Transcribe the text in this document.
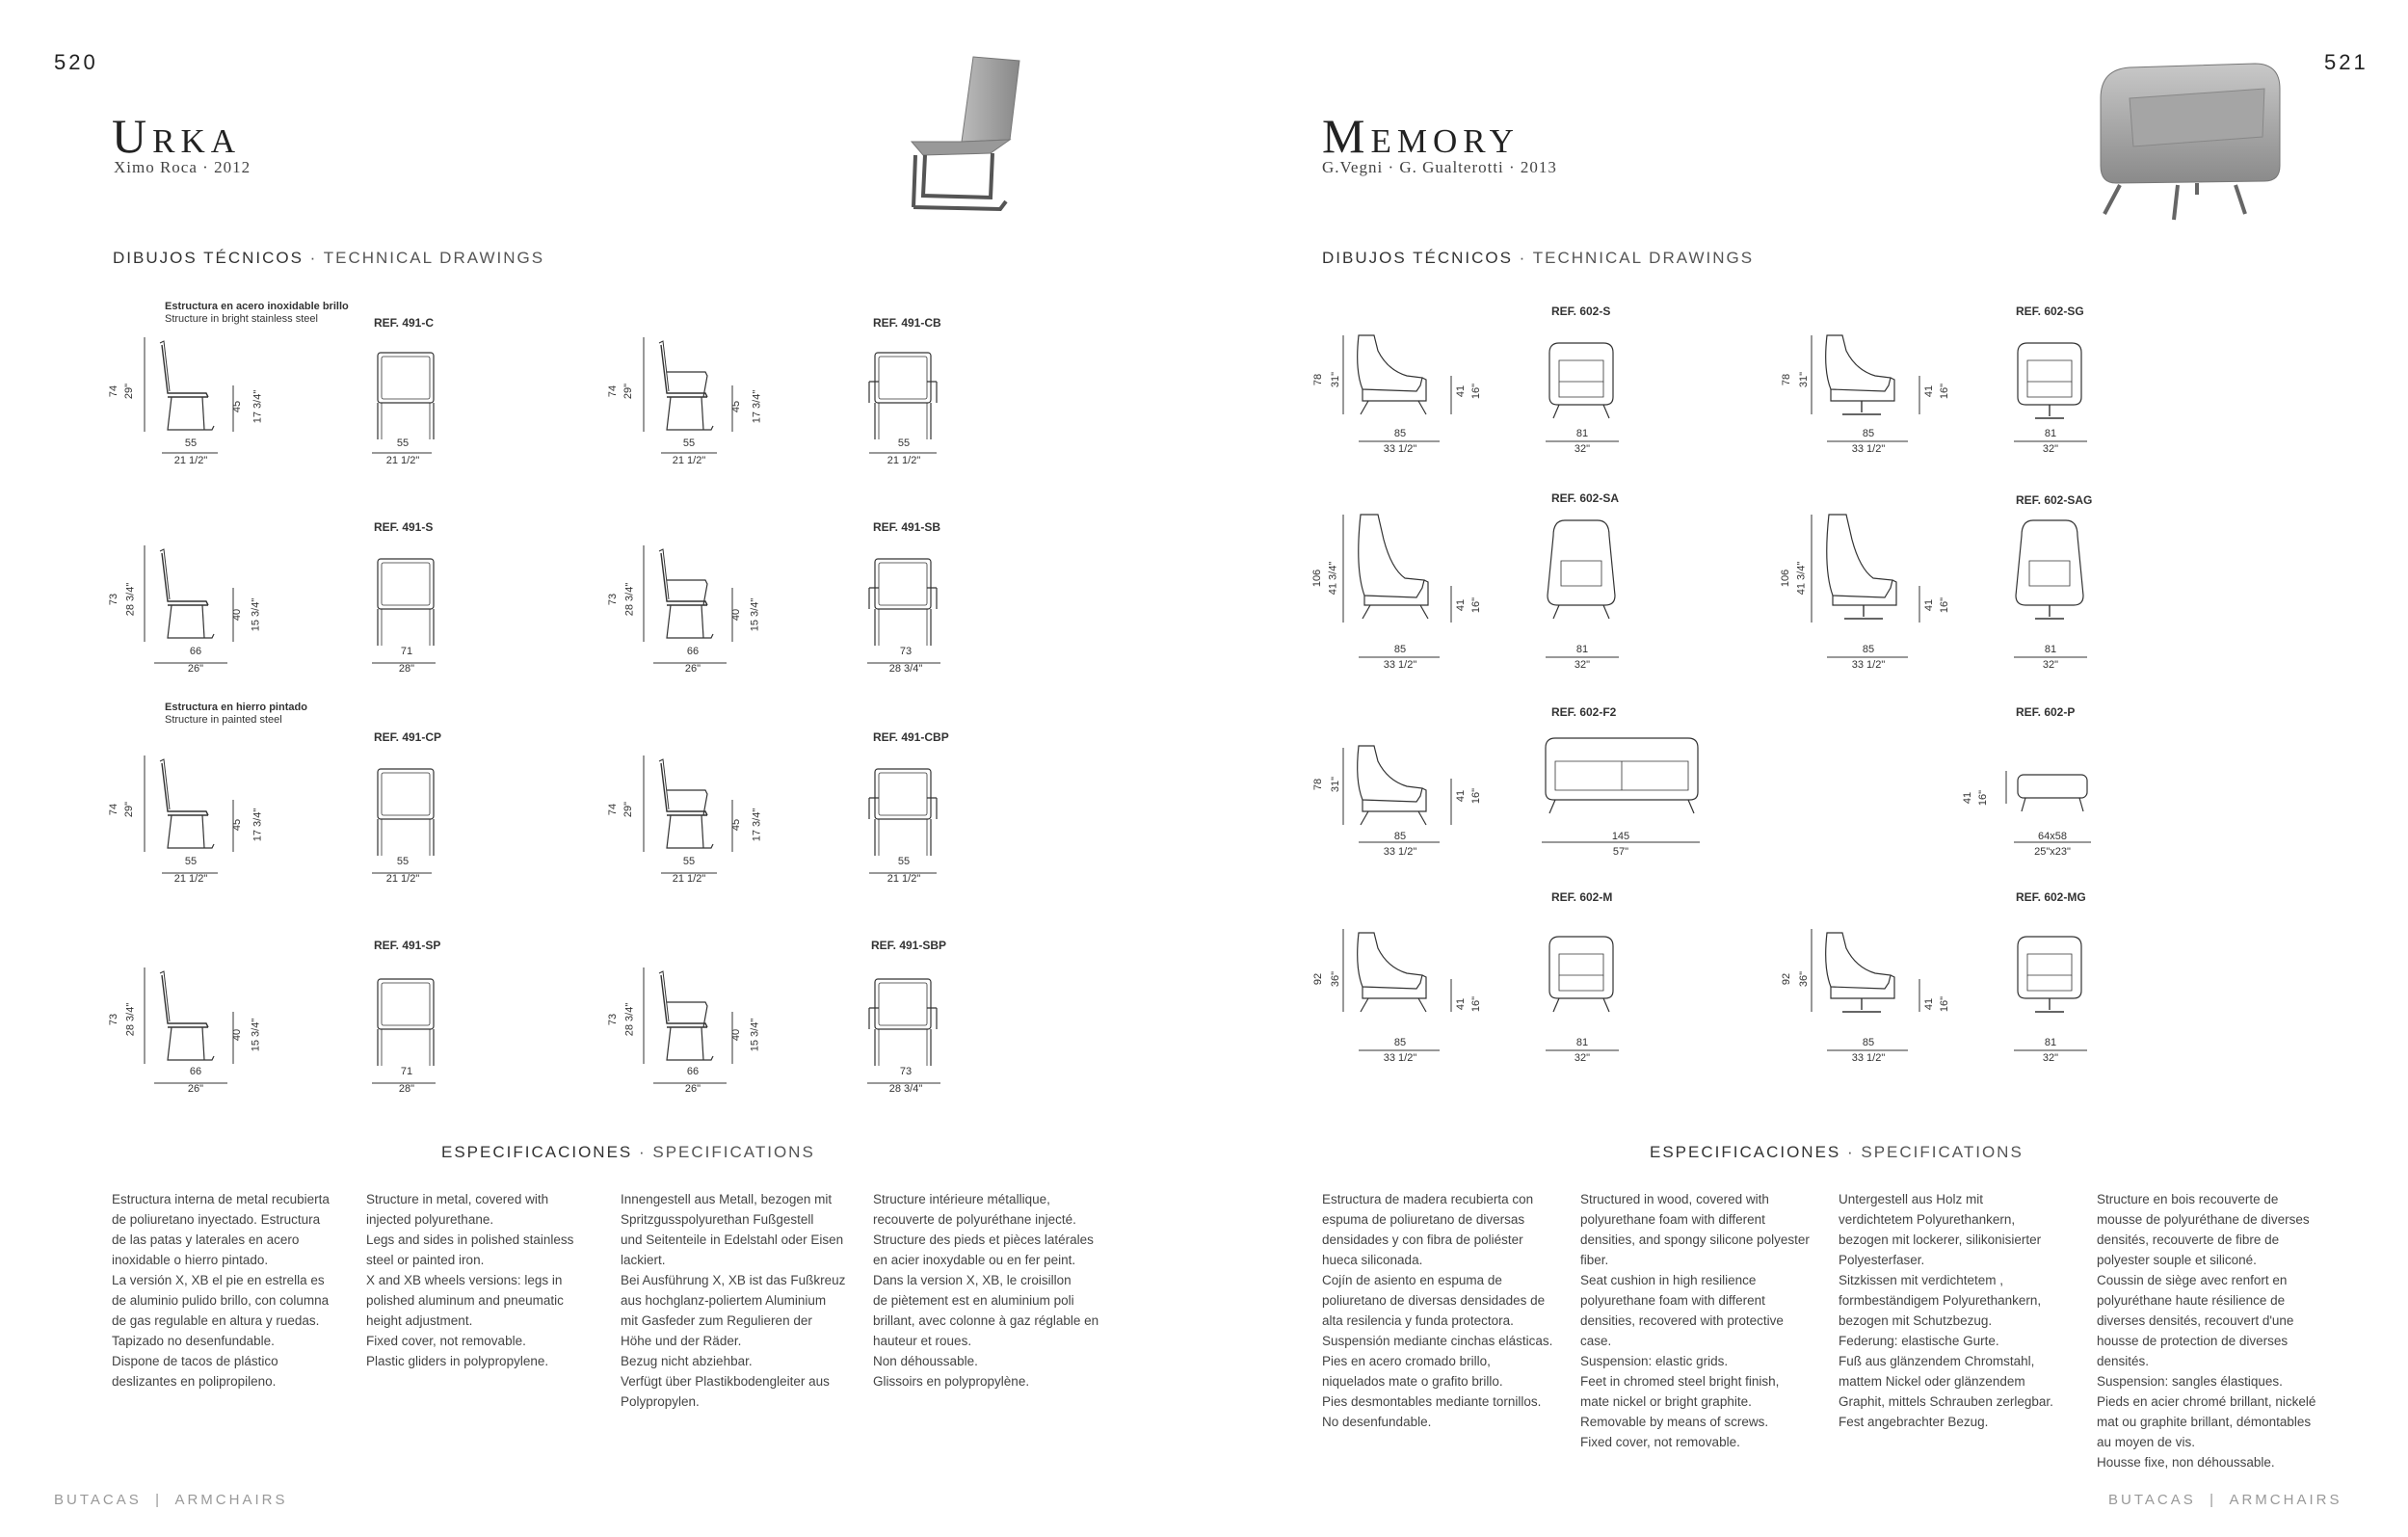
520
Urka
Ximo Roca · 2012
DIBUJOS TÉCNICOS · TECHNICAL DRAWINGS
Estructura en acero inoxidable brillo
Structure in bright stainless steel
Estructura en hierro pintado
Structure in painted steel
REF. 491-C	REF. 491-CB
REF. 491-S	REF. 491-SB
REF. 491-CP	REF. 491-CBP
REF. 491-SP	REF. 491-SBP
74 29"
45 17 3/4"
55
21 1/2"
55
21 1/2"
74 29"
45 17 3/4"
55
21 1/2"
55
21 1/2"
73 28 3/4"	40 15 3/4"
66
26"
71
28"
73 28 3/4"	40 15 3/4"
66
26"
73
28 3/4"
74 29"
45 17 3/4"
55
21 1/2"
55
21 1/2"
74 29"
45 17 3/4"
55
21 1/2"
55
21 1/2"
73 28 3/4"	40 15 3/4"
66
26"
71
28"
73 28 3/4"	40 15 3/4"
66
26"
73
28 3/4"
ESPECIFICACIONES · SPECIFICATIONS
Estructura interna de metal recubierta
de poliuretano inyectado. Estructura
de las patas y laterales en acero
inoxidable o hierro pintado.
La versión X, XB el pie en estrella es
de aluminio pulido brillo, con columna
de gas regulable en altura y ruedas.
Tapizado no desenfundable.
Dispone de tacos de plástico
deslizantes en polipropileno.
Structure in metal, covered with
injected polyurethane.
Legs and sides in polished stainless
steel or painted iron.
X and XB wheels versions: legs in
polished aluminum and pneumatic
height adjustment.
Fixed cover, not removable.
Plastic gliders in polypropylene.
Innengestell aus Metall, bezogen mit
Spritzgusspolyurethan Fußgestell
und Seitenteile in Edelstahl oder Eisen
lackiert.
Bei Ausführung X, XB ist das Fußkreuz
aus hochglanz-poliertem Aluminium
mit Gasfeder zum Regulieren der
Höhe und der Räder.
Bezug nicht abziehbar.
Verfügt über Plastikbodengleiter aus
Polypropylen.
Structure intérieure métallique,
recouverte de polyuréthane injecté.
Structure des pieds et pièces latérales
en acier inoxydable ou en fer peint.
Dans la version X, XB, le croisillon
de piètement est en aluminium poli
brillant, avec colonne à gaz réglable en
hauteur et roues.
Non déhoussable.
Glissoirs en polypropylène.
BUTACAS  |  ARMCHAIRS
521
Memory
G.Vegni · G. Gualterotti · 2013
DIBUJOS TÉCNICOS · TECHNICAL DRAWINGS
REF. 602-S	REF. 602-SG
REF. 602-SA	REF. 602-SAG
REF. 602-F2	REF. 602-P
REF. 602-M	REF. 602-MG
78 31"
41 16"
85
33 1/2"
81
32"
78 31"
41 16"
85
33 1/2"
81
32"
106 41 3/4"
41 16"
85
33 1/2"
81
32"
106 41 3/4"
41 16"
85
33 1/2"
81
32"
78 31"
41 16"
85
33 1/2"
145
57"
41 16"
64x58
25"x23"
92 36"
41 16"
85
33 1/2"
81
32"
92 36"
41 16"
85
33 1/2"
81
32"
ESPECIFICACIONES · SPECIFICATIONS
Estructura de madera recubierta con
espuma de poliuretano de diversas
densidades y con fibra de poliéster
hueca siliconada.
Cojín de asiento en espuma de
poliuretano de diversas densidades de
alta resilencia y funda protectora.
Suspensión mediante cinchas elásticas.
Pies en acero cromado brillo,
niquelados mate o grafito brillo.
Pies desmontables mediante tornillos.
No desenfundable.
Structured in wood, covered with
polyurethane foam with different
densities, and spongy silicone polyester
fiber.
Seat cushion in high resilience
polyurethane foam with different
densities, recovered with protective
case.
Suspension: elastic grids.
Feet in chromed steel bright finish,
mate nickel or bright graphite.
Removable by means of screws.
Fixed cover, not removable.
Untergestell aus Holz mit
verdichtetem Polyurethankern,
bezogen mit lockerer, silikonisierter
Polyesterfaser.
Sitzkissen mit verdichtetem ,
formbeständigem Polyurethankern,
bezogen mit Schutzbezug.
Federung: elastische Gurte.
Fuß aus glänzendem Chromstahl,
mattem Nickel oder glänzendem
Graphit, mittels Schrauben zerlegbar.
Fest angebrachter Bezug.
Structure en bois recouverte de
mousse de polyuréthane de diverses
densités, recouverte de fibre de
polyester souple et siliconé.
Coussin de siège avec renfort en
polyuréthane haute résilience de
diverses densités, recouvert d'une
housse de protection de diverses
densités.
Suspension: sangles élastiques.
Pieds en acier chromé brillant, nickelé
mat ou graphite brillant, démontables
au moyen de vis.
Housse fixe, non déhoussable.
BUTACAS  |  ARMCHAIRS
